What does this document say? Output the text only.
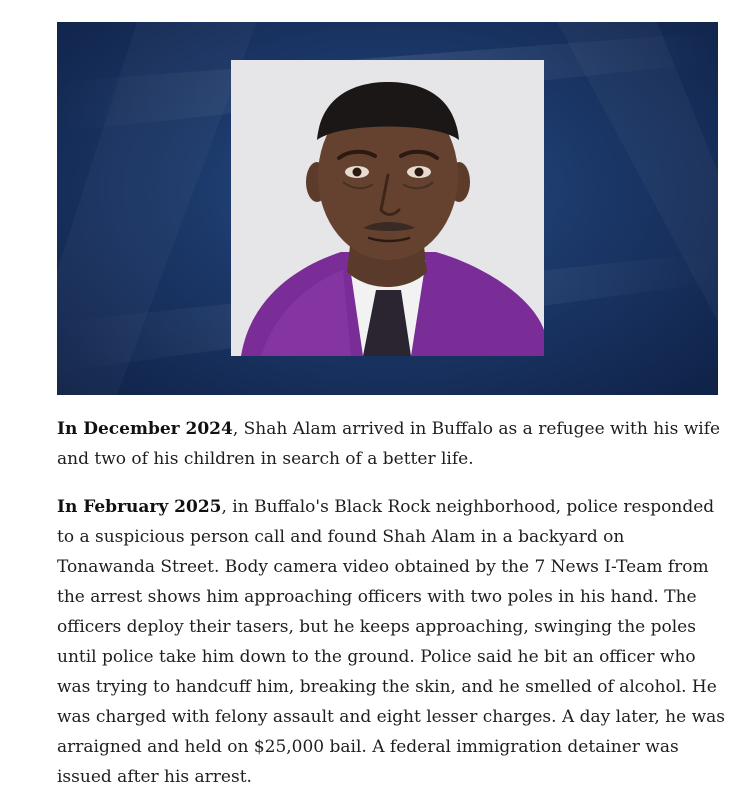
In December 2024, Shah Alam arrived in Buffalo as a refugee with his wife and two of his children in search of a better life.

In February 2025, in Buffalo's Black Rock neighborhood, police responded to a suspicious person call and found Shah Alam in a backyard on Tonawanda Street. Body camera video obtained by the 7 News I-Team from the arrest shows him approaching officers with two poles in his hand. The officers deploy their tasers, but he keeps approaching, swinging the poles until police take him down to the ground. Police said he bit an officer who was trying to handcuff him, breaking the skin, and he smelled of alcohol. He was charged with felony assault and eight lesser charges. A day later, he was arraigned and held on $25,000 bail. A federal immigration detainer was issued after his arrest.
